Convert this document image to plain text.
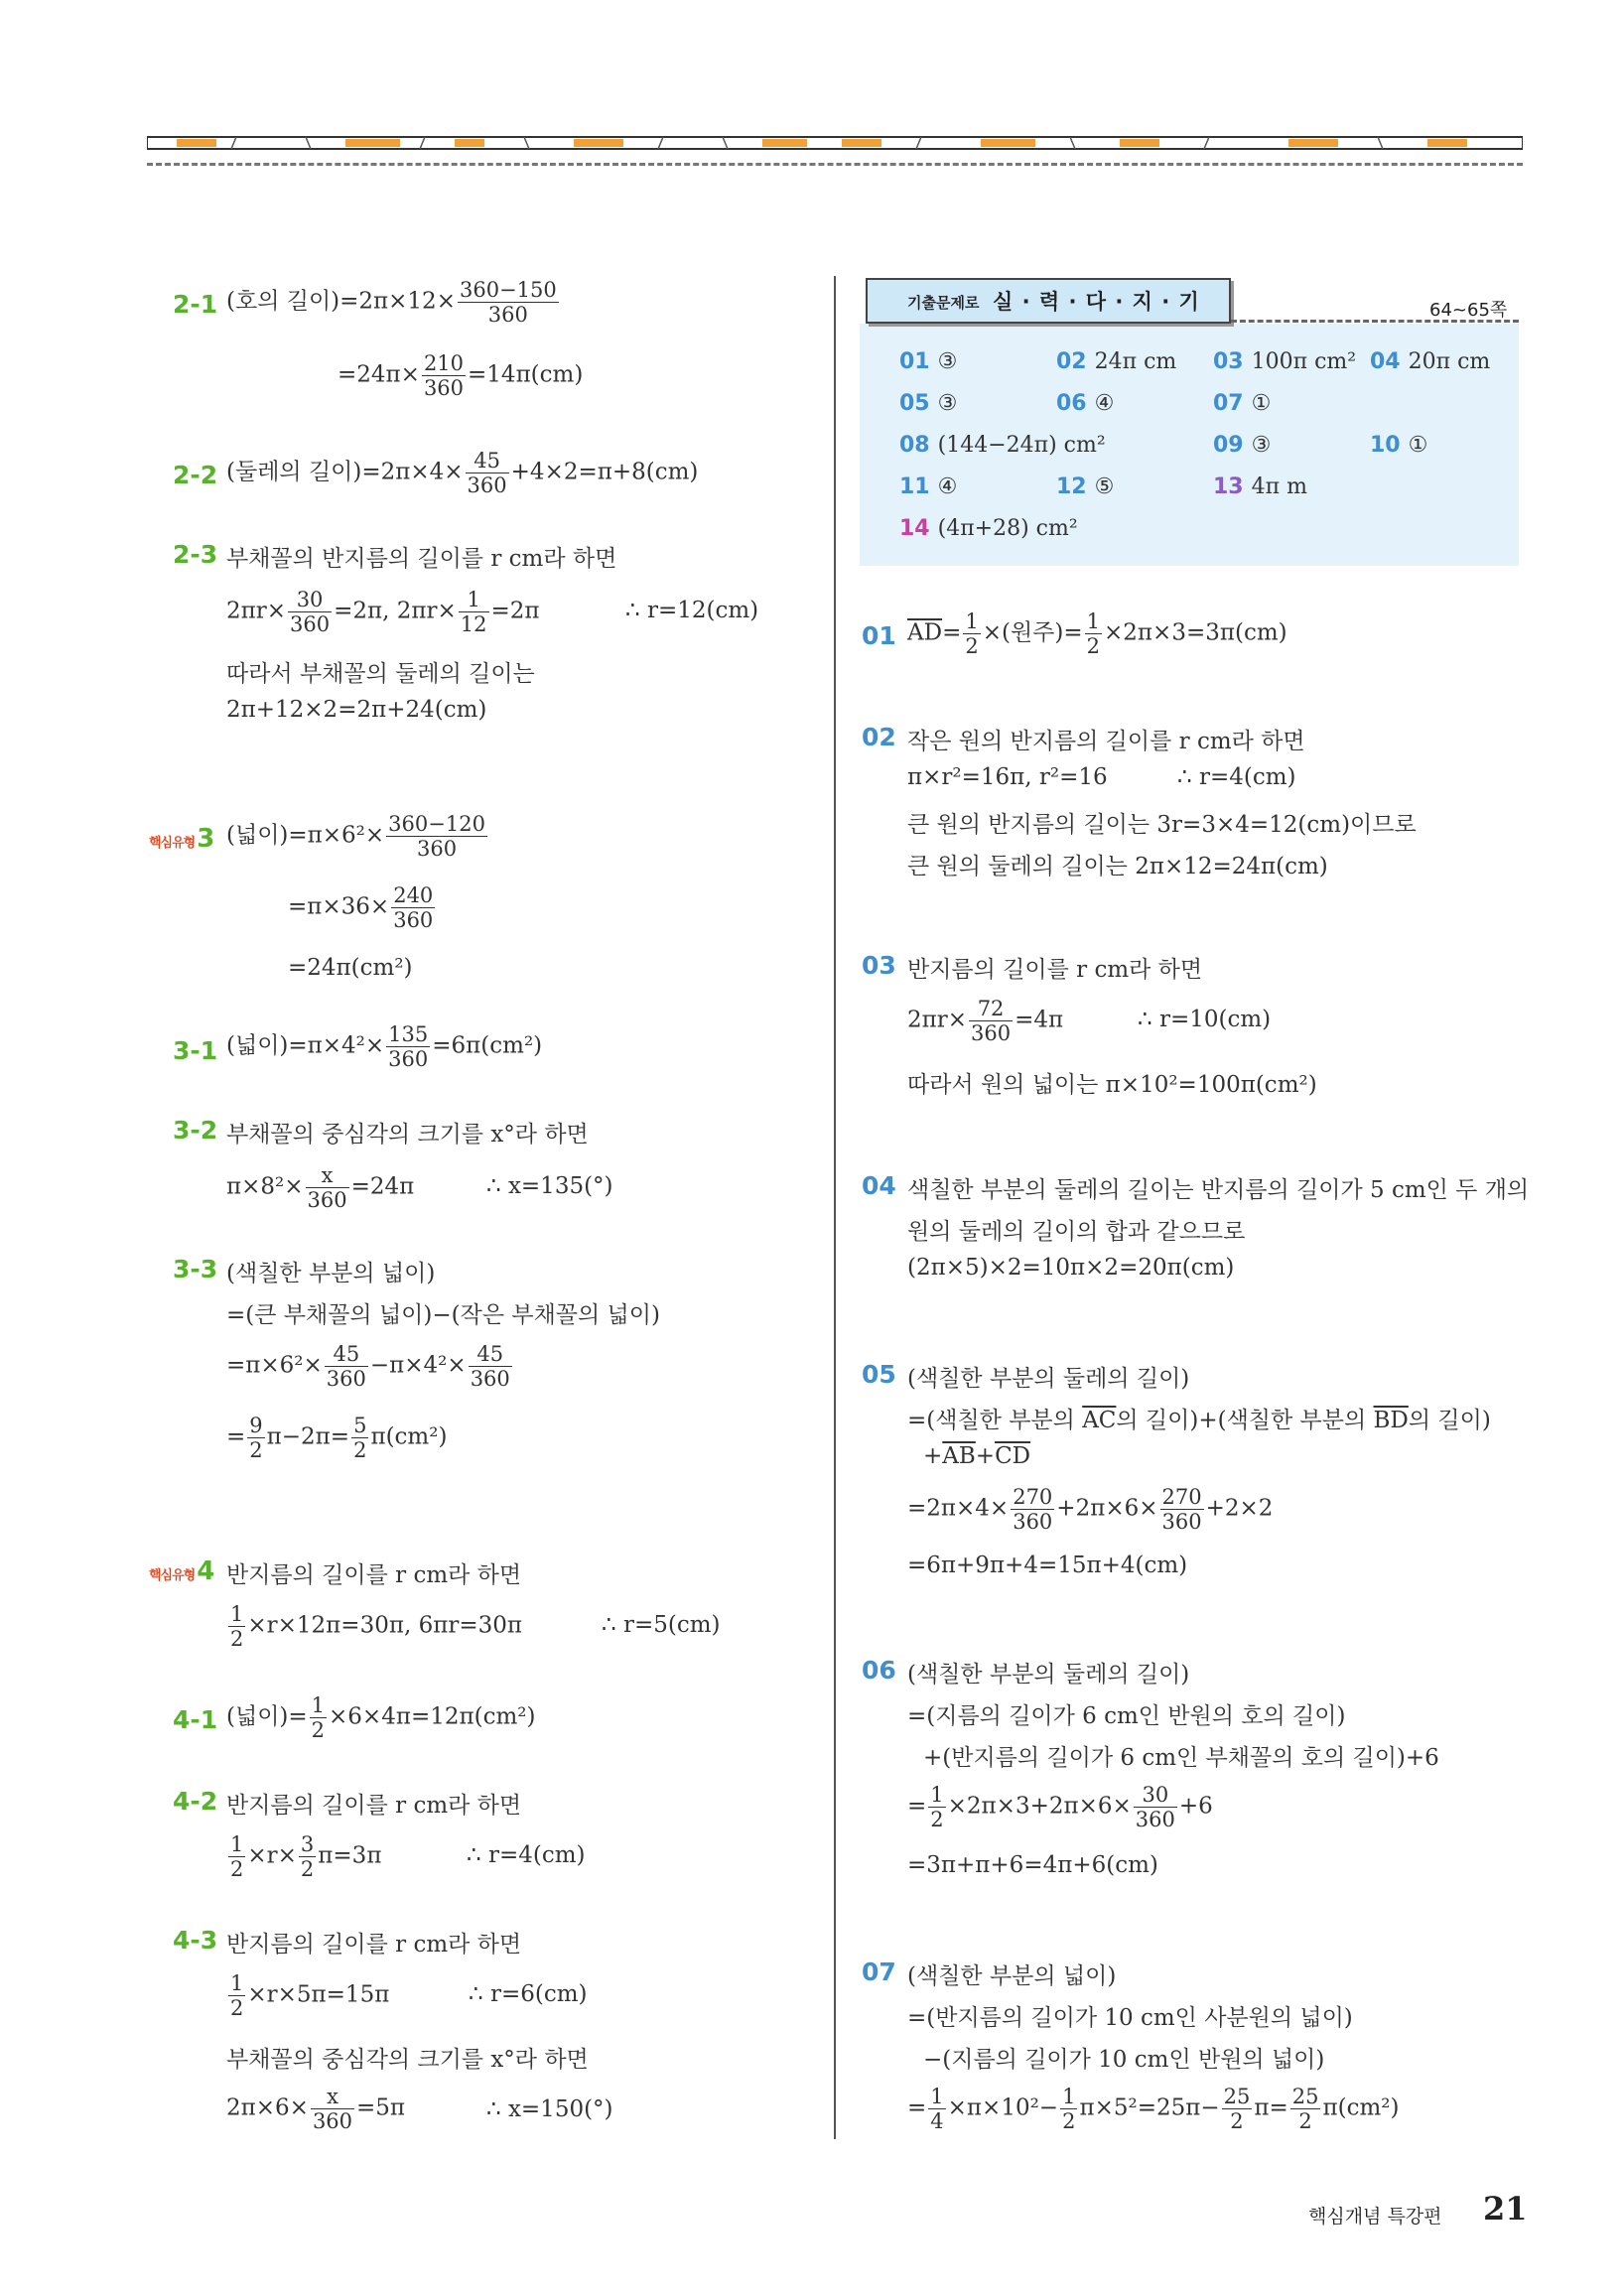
2-1 (호의 길이)$=2\pi\times 12\times \frac{360-150}{360}$
$=24\pi\times \frac{210}{360} =14\pi(cm)$
2-2 (둘레의 길이)$=2\pi\times 4\times \frac{45}{360} +4\times 2=\pi+8(cm)$
2-3 부채꼴의 반지름의 길이를 r cm라 하면
$2\pi r\times \frac{30}{360} =2\pi$, $2\pi r\times \frac{1}{12} =2\pi$	∴ r=12(cm)
따라서 부채꼴의 둘레의 길이는
2π+12×2=2π+24(cm)
핵심유형3 (넓이)$=\pi\times 6^2\times \frac{360-120}{360}$
$=\pi\times 36\times \frac{240}{360}$
=24π(cm²)
3-1 (넓이)$=\pi\times 4^2\times \frac{135}{360} =6\pi(cm^2)$
3-2 부채꼴의 중심각의 크기를 x°라 하면
$\pi\times 8^2\times \frac{x}{360} =24\pi$	∴ x=135(°)
3-3 (색칠한 부분의 넓이)
=(큰 부채꼴의 넓이)−(작은 부채꼴의 넓이)
$=\pi\times 6^2\times \frac{45}{360} -\pi\times 4^2\times \frac{45}{360}$
= $\frac{9}{2} \pi-2\pi= \frac{5}{2} \pi(cm^2)$
핵심유형4 반지름의 길이를 r cm라 하면
$\frac{1}{2} \times r\times 12\pi=30\pi$, 6πr=30π	∴ r=5(cm)
4-1 (넓이)= $\frac{1}{2} \times 6\times 4\pi=12\pi(cm^2)$
4-2 반지름의 길이를 r cm라 하면
$\frac{1}{2} \times r\times \frac{3}{2} \pi=3\pi$	∴ r=4(cm)
4-3 반지름의 길이를 r cm라 하면
$\frac{1}{2} \times r\times 5\pi=15\pi$	∴ r=6(cm)
부채꼴의 중심각의 크기를 x°라 하면
$2\pi\times 6\times \frac{x}{360} =5\pi$	∴ x=150(°)
기출문제로 실 · 력 · 다 · 지 · 기	64~65쪽
01 ③	02 24π cm 03 100π cm² 04 20π cm
05 ③	06 ④	07 ①
08 (144−24π) cm²	09 ③	10 ①
11 ④	12 ⑤	13 4π m
14 (4π+28) cm²
01 $\overline{AD}= \frac{1}{2}$ ×(원주)= $\frac{1}{2} \times 2\pi\times 3=3\pi(cm)$
02 작은 원의 반지름의 길이를 r cm라 하면
π×r²=16π, r²=16	∴ r=4(cm)
큰 원의 반지름의 길이는 3r=3×4=12(cm)이므로
큰 원의 둘레의 길이는 2π×12=24π(cm)
03 반지름의 길이를 r cm라 하면
$2\pi r\times \frac{72}{360} =4\pi$	∴ r=10(cm)
따라서 원의 넓이는 π×10²=100π(cm²)
04 색칠한 부분의 둘레의 길이는 반지름의 길이가 5 cm인 두 개의
원의 둘레의 길이의 합과 같으므로
(2π×5)×2=10π×2=20π(cm)
05 (색칠한 부분의 둘레의 길이)
=(색칠한 부분의 $\overline{AC}$의 길이)+(색칠한 부분의 $\overline{BD}$의 길이)
$+\overline{AB}+\overline{CD}$
$=2\pi\times 4\times \frac{270}{360} +2\pi\times 6\times \frac{270}{360} +2\times 2$
=6π+9π+4=15π+4(cm)
06 (색칠한 부분의 둘레의 길이)
=(지름의 길이가 6 cm인 반원의 호의 길이)
+(반지름의 길이가 6 cm인 부채꼴의 호의 길이)+6
= $\frac{1}{2} \times 2\pi\times 3+2\pi\times 6\times \frac{30}{360} +6$
=3π+π+6=4π+6(cm)
07 (색칠한 부분의 넓이)
=(반지름의 길이가 10 cm인 사분원의 넓이)
−(지름의 길이가 10 cm인 반원의 넓이)
= $\frac{1}{4} \times\pi\times 10^2- \frac{1}{2} \pi\times 5^2=25\pi- \frac{25}{2} \pi= \frac{25}{2} \pi(cm^2)$
핵심개념 특강편 21
